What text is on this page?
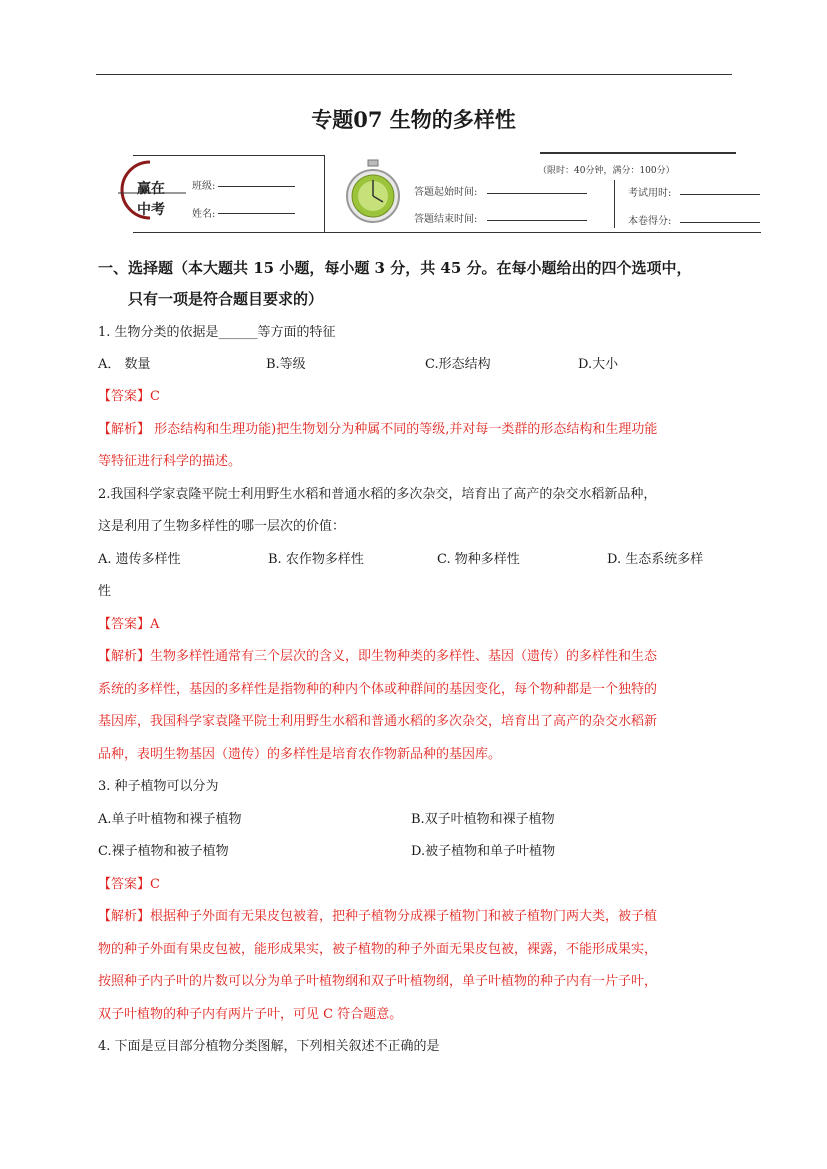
专题07 生物的多样性
赢在
中考
班级:
姓名:
（限时：40分钟，满分：100分）
答题起始时间:
答题结束时间:
考试用时:
本卷得分:
一、选择题（本大题共 15 小题，每小题 3 分，共 45 分。在每小题给出的四个选项中，
只有一项是符合题目要求的）
1. 生物分类的依据是______等方面的特征
A． 数量	B.等级	C.形态结构	D.大小
【答案】C
【解析】 形态结构和生理功能)把生物划分为种属不同的等级,并对每一类群的形态结构和生理功能
等特征进行科学的描述。
2.我国科学家袁隆平院士利用野生水稻和普通水稻的多次杂交，培育出了高产的杂交水稻新品种，
这是利用了生物多样性的哪一层次的价值：
A. 遗传多样性	B. 农作物多样性	C. 物种多样性	D. 生态系统多样
性
【答案】A
【解析】生物多样性通常有三个层次的含义，即生物种类的多样性、基因（遗传）的多样性和生态
系统的多样性，基因的多样性是指物种的种内个体或种群间的基因变化，每个物种都是一个独特的
基因库，我国科学家袁隆平院士利用野生水稻和普通水稻的多次杂交，培育出了高产的杂交水稻新
品种，表明生物基因（遗传）的多样性是培育农作物新品种的基因库。
3. 种子植物可以分为
A.单子叶植物和裸子植物	B.双子叶植物和裸子植物
C.裸子植物和被子植物	D.被子植物和单子叶植物
【答案】C
【解析】根据种子外面有无果皮包被着，把种子植物分成裸子植物门和被子植物门两大类，被子植
物的种子外面有果皮包被，能形成果实，被子植物的种子外面无果皮包被，裸露，不能形成果实，
按照种子内子叶的片数可以分为单子叶植物纲和双子叶植物纲，单子叶植物的种子内有一片子叶，
双子叶植物的种子内有两片子叶，可见 C 符合题意。
4. 下面是豆目部分植物分类图解，下列相关叙述不正确的是
